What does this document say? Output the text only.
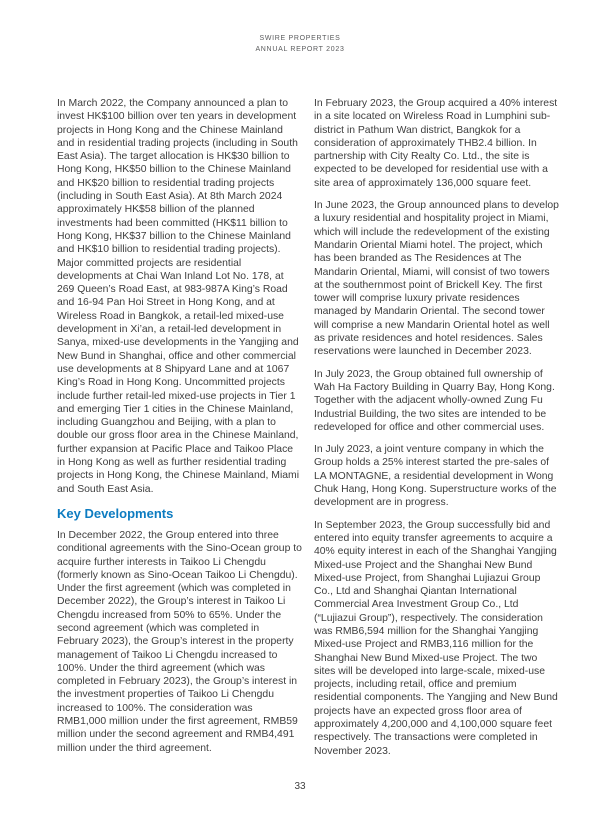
SWIRE PROPERTIES
ANNUAL REPORT 2023

In March 2022, the Company announced a plan to invest HK$100 billion over ten years in development projects in Hong Kong and the Chinese Mainland and in residential trading projects (including in South East Asia). The target allocation is HK$30 billion to Hong Kong, HK$50 billion to the Chinese Mainland and HK$20 billion to residential trading projects (including in South East Asia). At 8th March 2024 approximately HK$58 billion of the planned investments had been committed (HK$11 billion to Hong Kong, HK$37 billion to the Chinese Mainland and HK$10 billion to residential trading projects). Major committed projects are residential developments at Chai Wan Inland Lot No. 178, at 269 Queen’s Road East, at 983-987A King’s Road and 16-94 Pan Hoi Street in Hong Kong, and at Wireless Road in Bangkok, a retail-led mixed-use development in Xi’an, a retail-led development in Sanya, mixed-use developments in the Yangjing and New Bund in Shanghai, office and other commercial use developments at 8 Shipyard Lane and at 1067 King’s Road in Hong Kong. Uncommitted projects include further retail-led mixed-use projects in Tier 1 and emerging Tier 1 cities in the Chinese Mainland, including Guangzhou and Beijing, with a plan to double our gross floor area in the Chinese Mainland, further expansion at Pacific Place and Taikoo Place in Hong Kong as well as further residential trading projects in Hong Kong, the Chinese Mainland, Miami and South East Asia.

Key Developments

In December 2022, the Group entered into three conditional agreements with the Sino-Ocean group to acquire further interests in Taikoo Li Chengdu (formerly known as Sino-Ocean Taikoo Li Chengdu). Under the first agreement (which was completed in December 2022), the Group’s interest in Taikoo Li Chengdu increased from 50% to 65%. Under the second agreement (which was completed in February 2023), the Group’s interest in the property management of Taikoo Li Chengdu increased to 100%. Under the third agreement (which was completed in February 2023), the Group’s interest in the investment properties of Taikoo Li Chengdu increased to 100%. The consideration was RMB1,000 million under the first agreement, RMB59 million under the second agreement and RMB4,491 million under the third agreement.

In February 2023, the Group acquired a 40% interest in a site located on Wireless Road in Lumphini sub-district in Pathum Wan district, Bangkok for a consideration of approximately THB2.4 billion. In partnership with City Realty Co. Ltd., the site is expected to be developed for residential use with a site area of approximately 136,000 square feet.

In June 2023, the Group announced plans to develop a luxury residential and hospitality project in Miami, which will include the redevelopment of the existing Mandarin Oriental Miami hotel. The project, which has been branded as The Residences at The Mandarin Oriental, Miami, will consist of two towers at the southernmost point of Brickell Key. The first tower will comprise luxury private residences managed by Mandarin Oriental. The second tower will comprise a new Mandarin Oriental hotel as well as private residences and hotel residences. Sales reservations were launched in December 2023.

In July 2023, the Group obtained full ownership of Wah Ha Factory Building in Quarry Bay, Hong Kong. Together with the adjacent wholly-owned Zung Fu Industrial Building, the two sites are intended to be redeveloped for office and other commercial uses.

In July 2023, a joint venture company in which the Group holds a 25% interest started the pre-sales of LA MONTAGNE, a residential development in Wong Chuk Hang, Hong Kong. Superstructure works of the development are in progress.

In September 2023, the Group successfully bid and entered into equity transfer agreements to acquire a 40% equity interest in each of the Shanghai Yangjing Mixed-use Project and the Shanghai New Bund Mixed-use Project, from Shanghai Lujiazui Group Co., Ltd and Shanghai Qiantan International Commercial Area Investment Group Co., Ltd (“Lujiazui Group”), respectively. The consideration was RMB6,594 million for the Shanghai Yangjing Mixed-use Project and RMB3,116 million for the Shanghai New Bund Mixed-use Project. The two sites will be developed into large-scale, mixed-use projects, including retail, office and premium residential components. The Yangjing and New Bund projects have an expected gross floor area of approximately 4,200,000 and 4,100,000 square feet respectively. The transactions were completed in November 2023.

33
